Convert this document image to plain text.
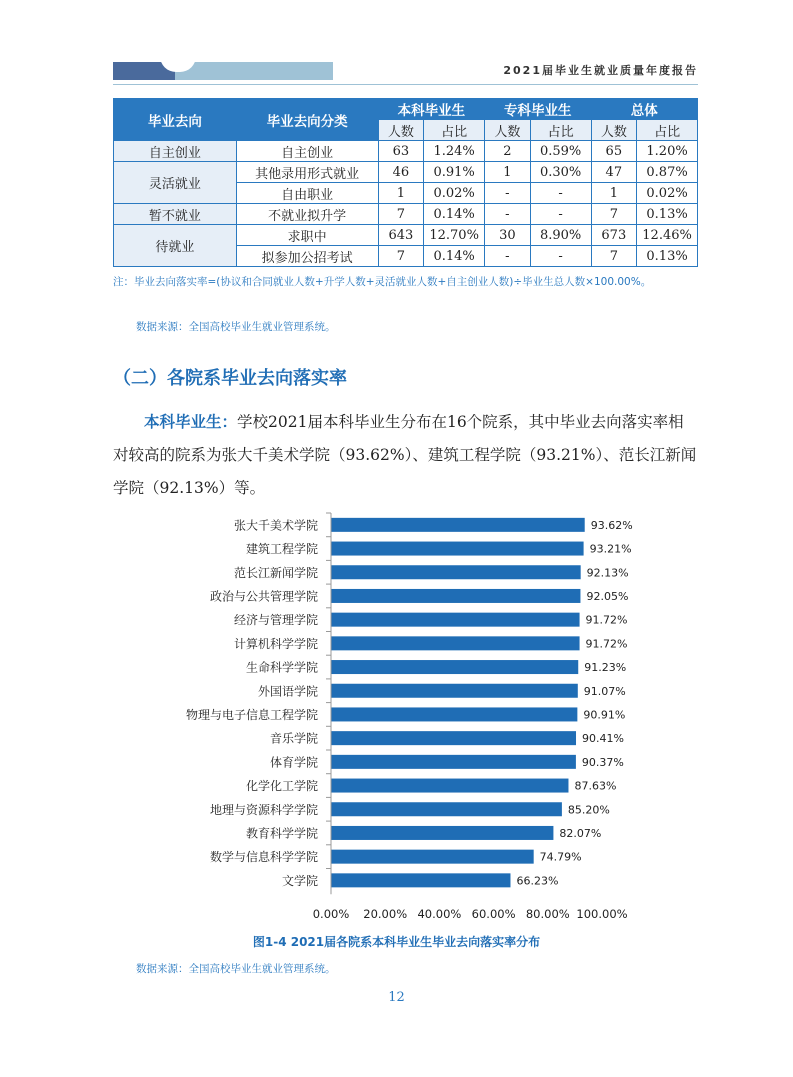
2021届毕业生就业质量年度报告
毕业去向	毕业去向分类	本科毕业生		专科毕业生		总体	
		人数	占比	人数	占比	人数	占比
自主创业	自主创业	63	1.24%	2	0.59%	65	1.20%
灵活就业	其他录用形式就业	46	0.91%	1	0.30%	47	0.87%
	自由职业	1	0.02%	-	-	1	0.02%
暂不就业	不就业拟升学	7	0.14%	-	-	7	0.13%
待就业	求职中	643	12.70%	30	8.90%	673	12.46%
	拟参加公招考试	7	0.14%	-	-	7	0.13%
注：毕业去向落实率=(协议和合同就业人数+升学人数+灵活就业人数+自主创业人数)÷毕业生总人数×100.00%。
数据来源：全国高校毕业生就业管理系统。
（二）各院系毕业去向落实率
本科毕业生：学校2021届本科毕业生分布在16个院系，其中毕业去向落实率相对较高的院系为张大千美术学院（93.62%）、建筑工程学院（93.21%）、范长江新闻学院（92.13%）等。
张大千美术学院	93.62%
建筑工程学院	93.21%
范长江新闻学院	92.13%
政治与公共管理学院	92.05%
经济与管理学院	91.72%
计算机科学学院	91.72%
生命科学学院	91.23%
外国语学院	91.07%
物理与电子信息工程学院	90.91%
音乐学院	90.41%
体育学院	90.37%
化学化工学院	87.63%
地理与资源科学学院	85.20%
教育科学学院	82.07%
数学与信息科学学院	74.79%
文学院	66.23%
0.00% 20.00% 40.00% 60.00% 80.00% 100.00%
图1-4 2021届各院系本科毕业生毕业去向落实率分布
数据来源：全国高校毕业生就业管理系统。
12
